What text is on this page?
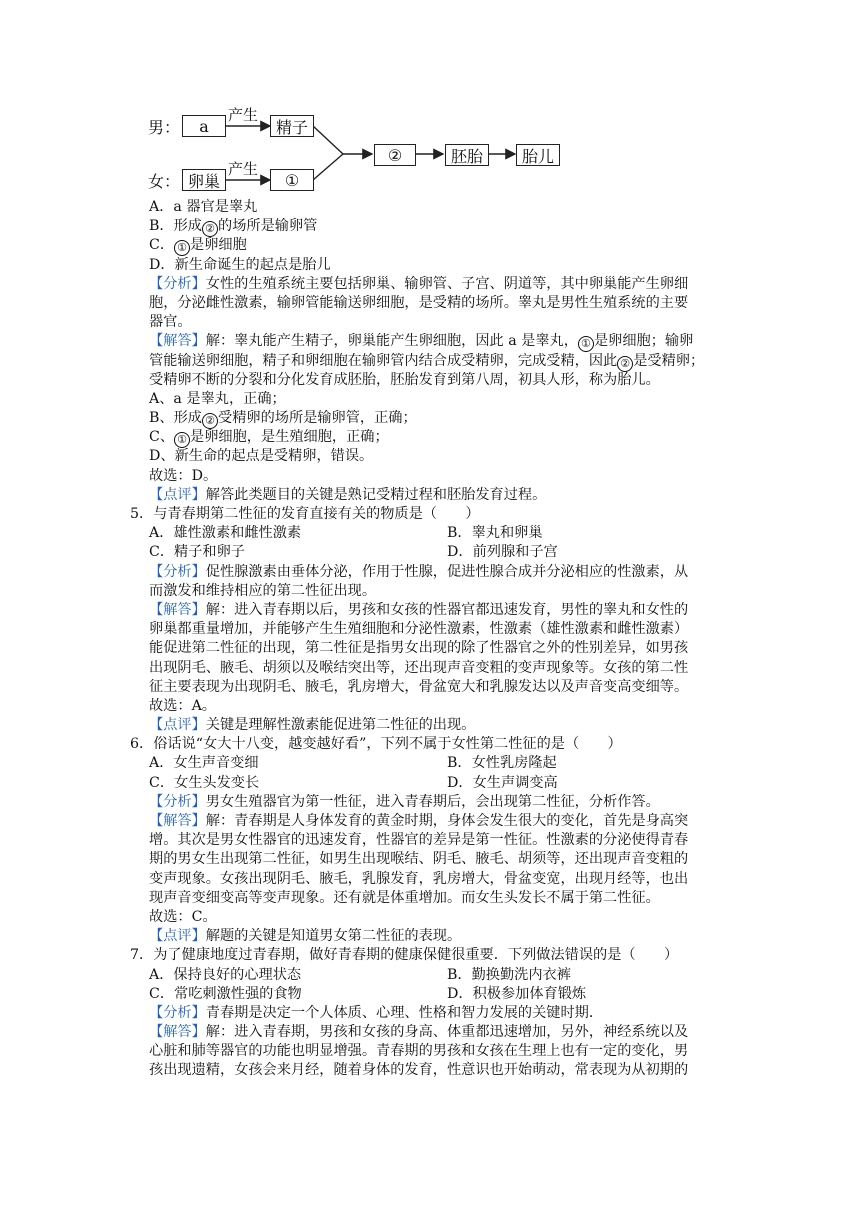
男：
女：
a
产生
精子
卵巢
产生
①
②	胚胎	胎儿
A．a 器官是睾丸
B．形成 ② 的场所是输卵管
C． ① 是卵细胞
D．新生命诞生的起点是胎儿
【分析】女性的生殖系统主要包括卵巢、输卵管、子宫、阴道等，其中卵巢能产生卵细
胞，分泌雌性激素，输卵管能输送卵细胞，是受精的场所。睾丸是男性生殖系统的主要
器官。
【解答】解：睾丸能产生精子，卵巢能产生卵细胞，因此 a 是睾丸， ① 是卵细胞；输卵
管能输送卵细胞，精子和卵细胞在输卵管内结合成受精卵，完成受精，因此 ② 是受精卵；
受精卵不断的分裂和分化发育成胚胎，胚胎发育到第八周，初具人形，称为胎儿。
A、a 是睾丸，正确；
B、形成 ② 受精卵的场所是输卵管，正确；
C、 ① 是卵细胞，是生殖细胞，正确；
D、新生命的起点是受精卵，错误。
故选：D。
【点评】解答此类题目的关键是熟记受精过程和胚胎发育过程。
5．与青春期第二性征的发育直接有关的物质是（　　）
A．雄性激素和雌性激素	B．睾丸和卵巢
C．精子和卵子	D．前列腺和子宫
【分析】促性腺激素由垂体分泌，作用于性腺，促进性腺合成并分泌相应的性激素，从
而激发和维持相应的第二性征出现。
【解答】解：进入青春期以后，男孩和女孩的性器官都迅速发育，男性的睾丸和女性的
卵巢都重量增加，并能够产生生殖细胞和分泌性激素，性激素（雄性激素和雌性激素）
能促进第二性征的出现，第二性征是指男女出现的除了性器官之外的性别差异，如男孩
出现阴毛、腋毛、胡须以及喉结突出等，还出现声音变粗的变声现象等。女孩的第二性
征主要表现为出现阴毛、腋毛，乳房增大，骨盆宽大和乳腺发达以及声音变高变细等。
故选：A。
【点评】关键是理解性激素能促进第二性征的出现。
6．俗话说“女大十八变，越变越好看”，下列不属于女性第二性征的是（　　）
A．女生声音变细	B．女性乳房隆起
C．女生头发变长	D．女生声调变高
【分析】男女生殖器官为第一性征，进入青春期后，会出现第二性征，分析作答。
【解答】解：青春期是人身体发育的黄金时期，身体会发生很大的变化，首先是身高突
增。其次是男女性器官的迅速发育，性器官的差异是第一性征。性激素的分泌使得青春
期的男女生出现第二性征，如男生出现喉结、阴毛、腋毛、胡须等，还出现声音变粗的
变声现象。女孩出现阴毛、腋毛，乳腺发育，乳房增大，骨盆变宽，出现月经等，也出
现声音变细变高等变声现象。还有就是体重增加。而女生头发长不属于第二性征。
故选：C。
【点评】解题的关键是知道男女第二性征的表现。
7．为了健康地度过青春期，做好青春期的健康保健很重要．下列做法错误的是（　　）
A．保持良好的心理状态	B．勤换勤洗内衣裤
C．常吃刺激性强的食物	D．积极参加体育锻炼
【分析】青春期是决定一个人体质、心理、性格和智力发展的关键时期．
【解答】解：进入青春期，男孩和女孩的身高、体重都迅速增加，另外，神经系统以及
心脏和肺等器官的功能也明显增强。青春期的男孩和女孩在生理上也有一定的变化，男
孩出现遗精，女孩会来月经，随着身体的发育，性意识也开始萌动，常表现为从初期的
